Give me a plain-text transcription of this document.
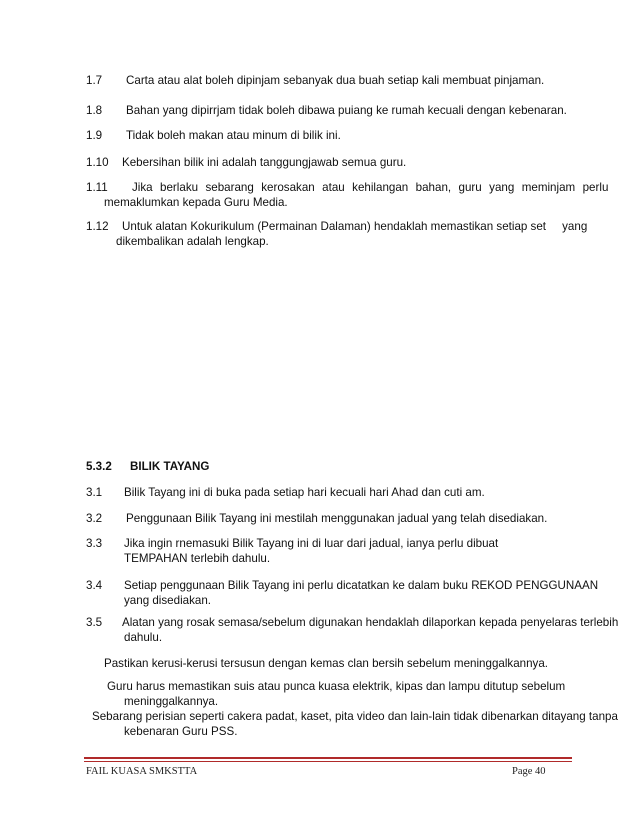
1.7 Carta atau alat boleh dipinjam sebanyak dua buah setiap kali membuat pinjaman.
1.8 Bahan yang dipirrjam tidak boleh dibawa puiang ke rumah kecuali dengan kebenaran.
1.9 Tidak boleh makan atau minum di bilik ini.
1.10 Kebersihan bilik ini adalah tanggungjawab semua guru.
1.11 Jika berlaku sebarang kerosakan atau kehilangan bahan, guru yang meminjam perlu
memaklumkan kepada Guru Media.
1.12 Untuk alatan Kokurikulum (Permainan Dalaman) hendaklah memastikan setiap set     yang
dikembalikan adalah lengkap.
5.3.2 BILIK TAYANG
3.1 Bilik Tayang ini di buka pada setiap hari kecuali hari Ahad dan cuti am.
3.2 Penggunaan Bilik Tayang ini mestilah menggunakan jadual yang telah disediakan.
3.3 Jika ingin rnemasuki Bilik Tayang ini di luar dari jadual, ianya perlu dibuat
TEMPAHAN terlebih dahulu.
3.4 Setiap penggunaan Bilik Tayang ini perlu dicatatkan ke dalam buku REKOD PENGGUNAAN
yang disediakan.
3.5 Alatan yang rosak semasa/sebelum digunakan hendaklah dilaporkan kepada penyelaras terlebih
dahulu.
Pastikan kerusi-kerusi tersusun dengan kemas clan bersih sebelum meninggalkannya.
Guru harus memastikan suis atau punca kuasa elektrik, kipas dan lampu ditutup sebelum
meninggalkannya.
Sebarang perisian seperti cakera padat, kaset, pita video dan lain-lain tidak dibenarkan ditayang tanpa
kebenaran Guru PSS.
FAIL KUASA SMKSTTA	Page 40
